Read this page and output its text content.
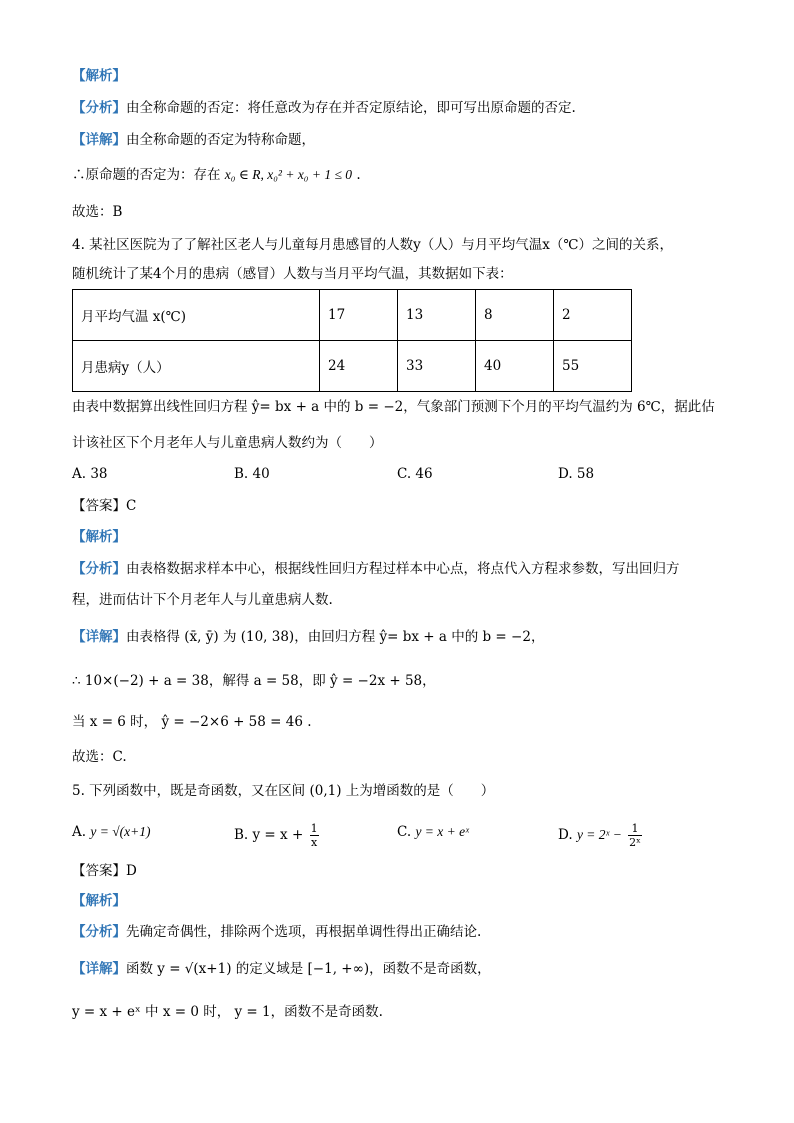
【解析】
【分析】由全称命题的否定：将任意改为存在并否定原结论，即可写出原命题的否定.
【详解】由全称命题的否定为特称命题，
∴原命题的否定为：存在 x₀ ∈ R, x₀² + x₀ + 1 ≤ 0 .
故选：B
4. 某社区医院为了了解社区老人与儿童每月患感冒的人数y（人）与月平均气温x（℃）之间的关系，
随机统计了某4个月的患病（感冒）人数与当月平均气温，其数据如下表：
月平均气温 x(℃)	17	13	8	2
月患病y（人）	24	33	40	55
由表中数据算出线性回归方程 ŷ= bx + a 中的 b = −2，气象部门预测下个月的平均气温约为 6℃，据此估
计该社区下个月老年人与儿童患病人数约为（　　）
A. 38	B. 40	C. 46	D. 58
【答案】C
【解析】
【分析】由表格数据求样本中心，根据线性回归方程过样本中心点，将点代入方程求参数，写出回归方
程，进而估计下个月老年人与儿童患病人数.
【详解】由表格得 (x̄, ȳ) 为 (10, 38)，由回归方程 ŷ= bx + a 中的 b = −2，
∴ 10×(−2) + a = 38，解得 a = 58，即 ŷ = −2x + 58，
当 x = 6 时， ŷ = −2×6 + 58 = 46 .
故选：C.
5. 下列函数中，既是奇函数，又在区间 (0,1) 上为增函数的是（　　）
A. y = √(x+1)	B. $y = x + \frac{1}{x}$	C. y = x + eˣ	D. y = 2ˣ − $\frac{1}{\text{2ˣ}}$
【答案】D
【解析】
【分析】先确定奇偶性，排除两个选项，再根据单调性得出正确结论.
【详解】函数 y = √(x+1) 的定义域是 [−1, +∞)，函数不是奇函数，
y = x + eˣ 中 x = 0 时， y = 1，函数不是奇函数.
